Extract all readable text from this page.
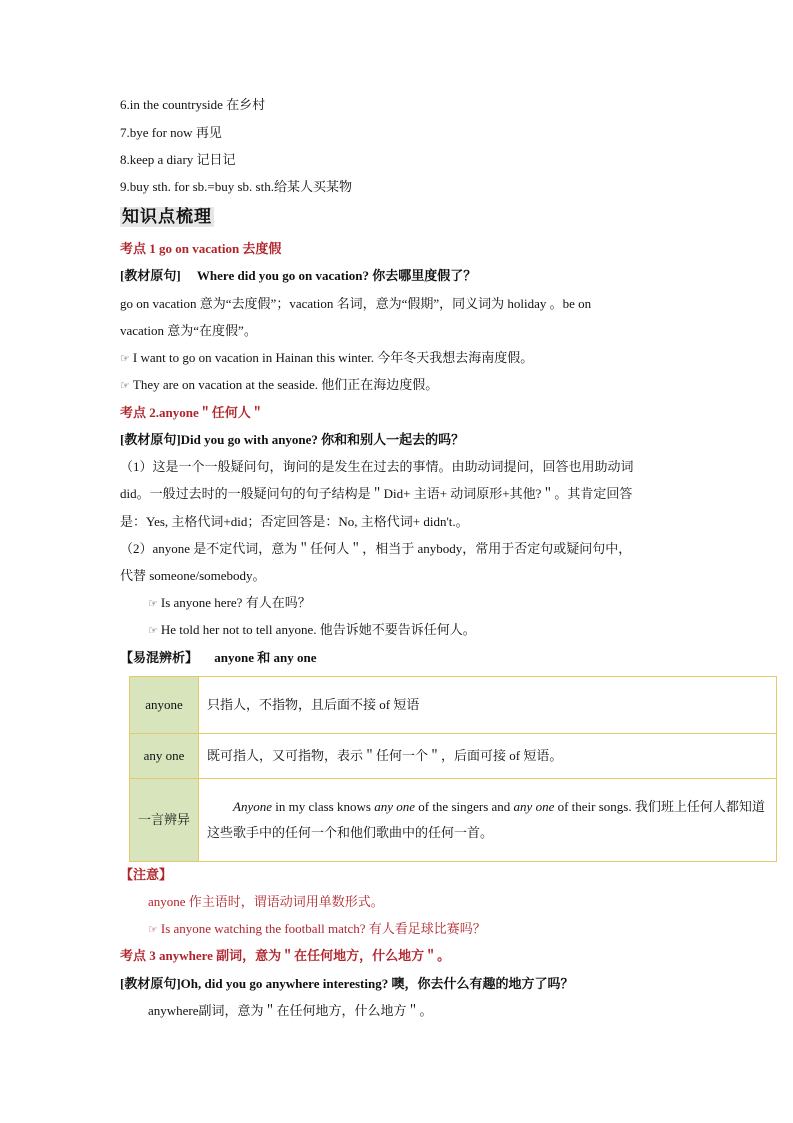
6.in the countryside 在乡村
7.bye for now 再见
8.keep a diary 记日记
9.buy sth. for sb.=buy sb. sth.给某人买某物
知识点梳理
考点 1 go on vacation 去度假
[教材原句] Where did you go on vacation? 你去哪里度假了？
go on vacation 意为“去度假”；vacation 名词，意为“假期”，同义词为 holiday 。be on
vacation 意为“在度假”。
☞ I want to go on vacation in Hainan this winter. 今年冬天我想去海南度假。
☞ They are on vacation at the seaside. 他们正在海边度假。
考点 2.anyone＂任何人＂
[教材原句]Did you go with anyone? 你和和别人一起去的吗？
（1）这是一个一般疑问句，询问的是发生在过去的事情。由助动词提问，回答也用助动词
did。一般过去时的一般疑问句的句子结构是＂Did+ 主语+ 动词原形+其他?＂。其肯定回答
是：Yes, 主格代词+did；否定回答是：No, 主格代词+ didn't.。
（2）anyone 是不定代词，意为＂任何人＂，相当于 anybody，常用于否定句或疑问句中，
代替 someone/somebody。
☞ Is anyone here? 有人在吗？
☞ He told her not to tell anyone. 他告诉她不要告诉任何人。
【易混辨析】 anyone 和 any one
anyone	只指人，不指物，且后面不接 of 短语
any one	既可指人，又可指物，表示＂任何一个＂，后面可接 of 短语。
一言辨异	Anyone in my class knows any one of the singers and any one of their songs. 我们班上任何人都知道这些歌手中的任何一个和他们歌曲中的任何一首。
【注意】
anyone 作主语时，谓语动词用单数形式。
☞ Is anyone watching the football match? 有人看足球比赛吗？
考点 3 anywhere 副词，意为＂在任何地方，什么地方＂。
[教材原句]Oh, did you go anywhere interesting? 噢，你去什么有趣的地方了吗？
anywhere副词，意为＂在任何地方，什么地方＂。
